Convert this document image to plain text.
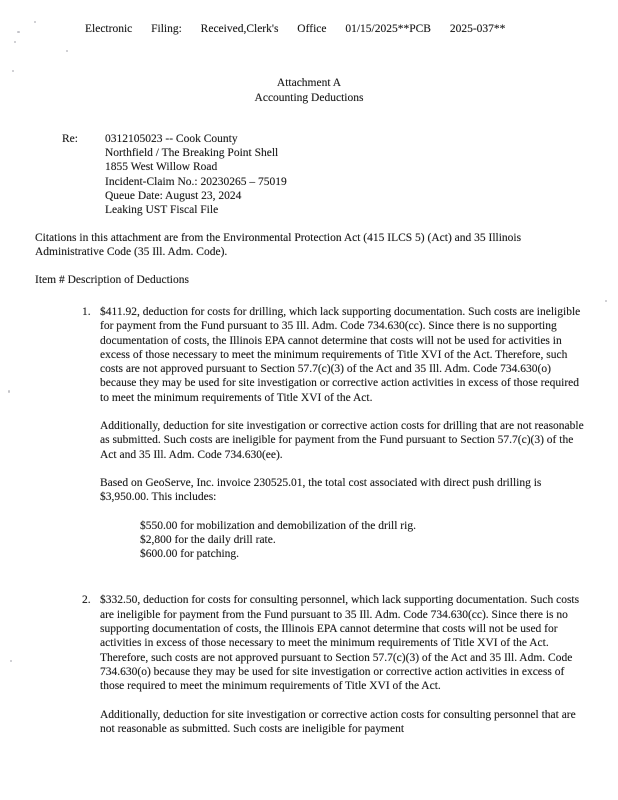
Electronic Filing: Received,Clerk's Office 01/15/2025**PCB 2025-037**
Attachment A
Accounting Deductions
Re:	0312105023 -- Cook County
Northfield / The Breaking Point Shell
1855 West Willow Road
Incident-Claim No.: 20230265 – 75019
Queue Date: August 23, 2024
Leaking UST Fiscal File

Citations in this attachment are from the Environmental Protection Act (415 ILCS 5) (Act) and 35 Illinois Administrative Code (35 Ill. Adm. Code).

Item # Description of Deductions
1. $411.92, deduction for costs for drilling, which lack supporting documentation. Such costs are ineligible for payment from the Fund pursuant to 35 Ill. Adm. Code 734.630(cc). Since there is no supporting documentation of costs, the Illinois EPA cannot determine that costs will not be used for activities in excess of those necessary to meet the minimum requirements of Title XVI of the Act. Therefore, such costs are not approved pursuant to Section 57.7(c)(3) of the Act and 35 Ill. Adm. Code 734.630(o) because they may be used for site investigation or corrective action activities in excess of those required to meet the minimum requirements of Title XVI of the Act.

Additionally, deduction for site investigation or corrective action costs for drilling that are not reasonable as submitted. Such costs are ineligible for payment from the Fund pursuant to Section 57.7(c)(3) of the Act and 35 Ill. Adm. Code 734.630(ee).

Based on GeoServe, Inc. invoice 230525.01, the total cost associated with direct push drilling is $3,950.00. This includes:

$550.00 for mobilization and demobilization of the drill rig.
$2,800 for the daily drill rate.
$600.00 for patching.
2. $332.50, deduction for costs for consulting personnel, which lack supporting documentation. Such costs are ineligible for payment from the Fund pursuant to 35 Ill. Adm. Code 734.630(cc). Since there is no supporting documentation of costs, the Illinois EPA cannot determine that costs will not be used for activities in excess of those necessary to meet the minimum requirements of Title XVI of the Act. Therefore, such costs are not approved pursuant to Section 57.7(c)(3) of the Act and 35 Ill. Adm. Code 734.630(o) because they may be used for site investigation or corrective action activities in excess of those required to meet the minimum requirements of Title XVI of the Act.

Additionally, deduction for site investigation or corrective action costs for consulting personnel that are not reasonable as submitted. Such costs are ineligible for payment
